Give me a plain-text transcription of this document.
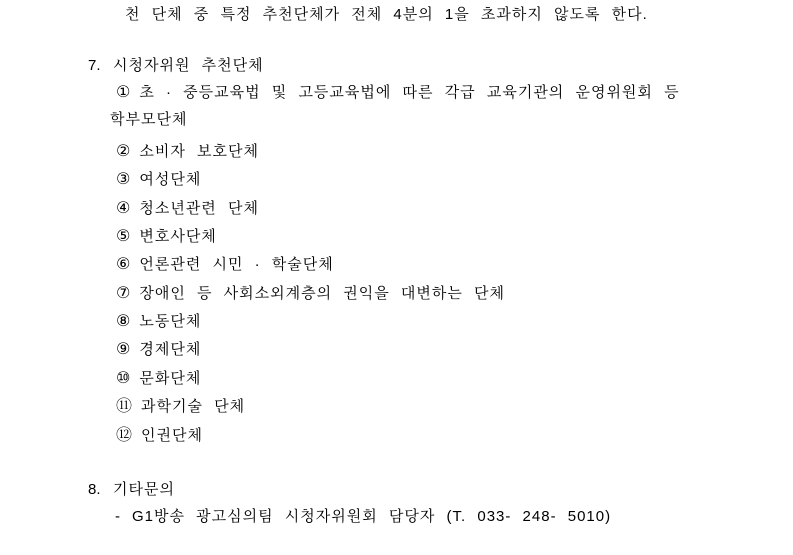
천 단체 중 특정 추천단체가 전체 4분의 1을 초과하지 않도록 한다.
7. 시청자위원 추천단체
① 초 · 중등교육법 및 고등교육법에 따른 각급 교육기관의 운영위원회 등
학부모단체
② 소비자 보호단체
③ 여성단체
④ 청소년관련 단체
⑤ 변호사단체
⑥ 언론관련 시민 · 학술단체
⑦ 장애인 등 사회소외계층의 권익을 대변하는 단체
⑧ 노동단체
⑨ 경제단체
⑩ 문화단체
⑪ 과학기술 단체
⑫ 인권단체
8. 기타문의
- G1방송 광고심의팀 시청자위원회 담당자 (T. 033- 248- 5010)
